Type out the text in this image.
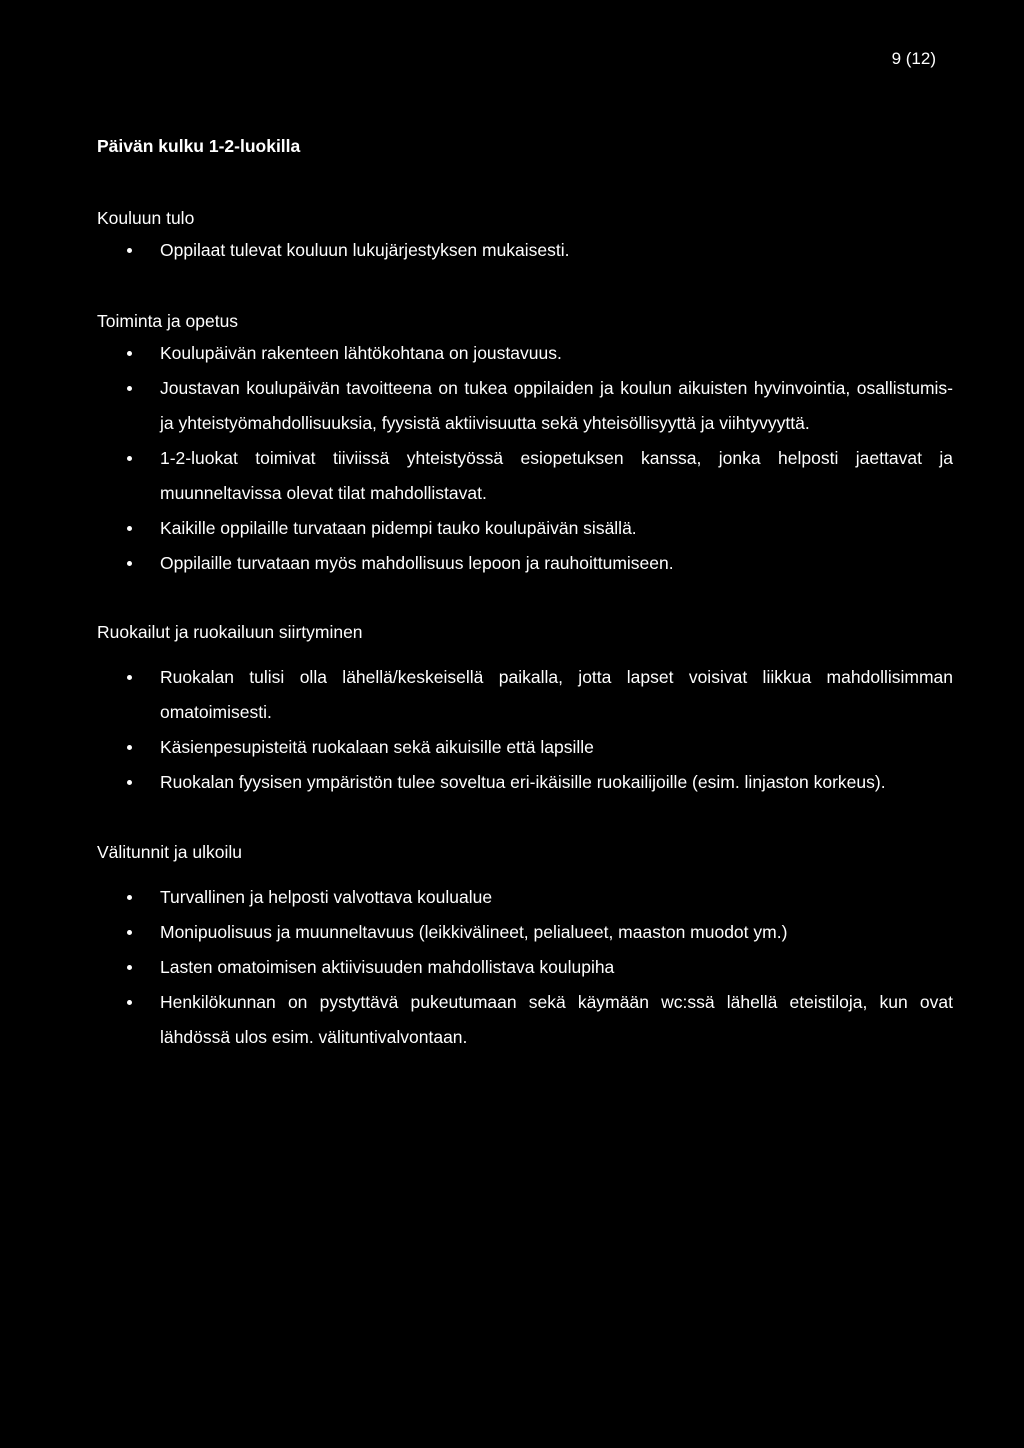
9 (12)
Päivän kulku 1-2-luokilla
Kouluun tulo
Oppilaat tulevat kouluun lukujärjestyksen mukaisesti.
Toiminta ja opetus
Koulupäivän rakenteen lähtökohtana on joustavuus.
Joustavan koulupäivän tavoitteena on tukea oppilaiden ja koulun aikuisten hyvinvointia, osallistumis- ja yhteistyömahdollisuuksia, fyysistä aktiivisuutta sekä yhteisöllisyyttä ja viihtyvyyttä.
1-2-luokat toimivat tiiviissä yhteistyössä esiopetuksen kanssa, jonka helposti jaettavat ja muunneltavissa olevat tilat mahdollistavat.
Kaikille oppilaille turvataan pidempi tauko koulupäivän sisällä.
Oppilaille turvataan myös mahdollisuus lepoon ja rauhoittumiseen.
Ruokailut ja ruokailuun siirtyminen
Ruokalan tulisi olla lähellä/keskeisellä paikalla, jotta lapset voisivat liikkua mahdollisimman omatoimisesti.
Käsienpesupisteitä ruokalaan sekä aikuisille että lapsille
Ruokalan fyysisen ympäristön tulee soveltua eri-ikäisille ruokailijoille (esim. linjaston korkeus).
Välitunnit ja ulkoilu
Turvallinen ja helposti valvottava koulualue
Monipuolisuus ja muunneltavuus (leikkivälineet, pelialueet, maaston muodot ym.)
Lasten omatoimisen aktiivisuuden mahdollistava koulupiha
Henkilökunnan on pystyttävä pukeutumaan sekä käymään wc:ssä lähellä eteistiloja, kun ovat lähdössä ulos esim. välituntivalvontaan.
